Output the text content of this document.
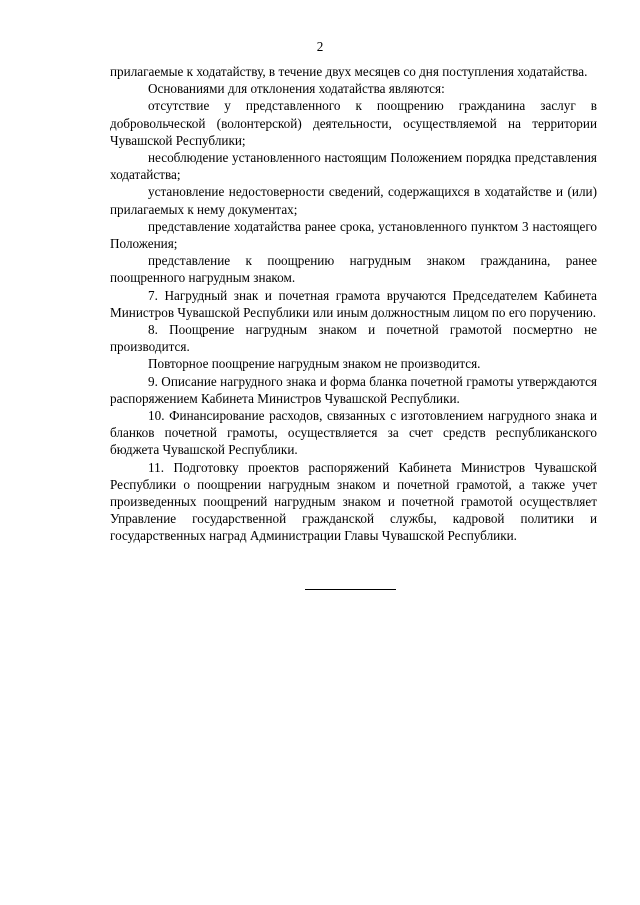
2

прилагаемые к ходатайству, в течение двух месяцев со дня поступления ходатайства.

Основаниями для отклонения ходатайства являются:

отсутствие у представленного к поощрению гражданина заслуг в добровольческой (волонтерской) деятельности, осуществляемой на территории Чувашской Республики;

несоблюдение установленного настоящим Положением порядка представления ходатайства;

установление недостоверности сведений, содержащихся в ходатайстве и (или) прилагаемых к нему документах;

представление ходатайства ранее срока, установленного пунктом 3 настоящего Положения;

представление к поощрению нагрудным знаком гражданина, ранее поощренного нагрудным знаком.

7. Нагрудный знак и почетная грамота вручаются Председателем Кабинета Министров Чувашской Республики или иным должностным лицом по его поручению.

8. Поощрение нагрудным знаком и почетной грамотой посмертно не производится.

Повторное поощрение нагрудным знаком не производится.

9. Описание нагрудного знака и форма бланка почетной грамоты утверждаются распоряжением Кабинета Министров Чувашской Республики.

10. Финансирование расходов, связанных с изготовлением нагрудного знака и бланков почетной грамоты, осуществляется за счет средств республиканского бюджета Чувашской Республики.

11. Подготовку проектов распоряжений Кабинета Министров Чувашской Республики о поощрении нагрудным знаком и почетной грамотой, а также учет произведенных поощрений нагрудным знаком и почетной грамотой осуществляет Управление государственной гражданской службы, кадровой политики и государственных наград Администрации Главы Чувашской Республики.
